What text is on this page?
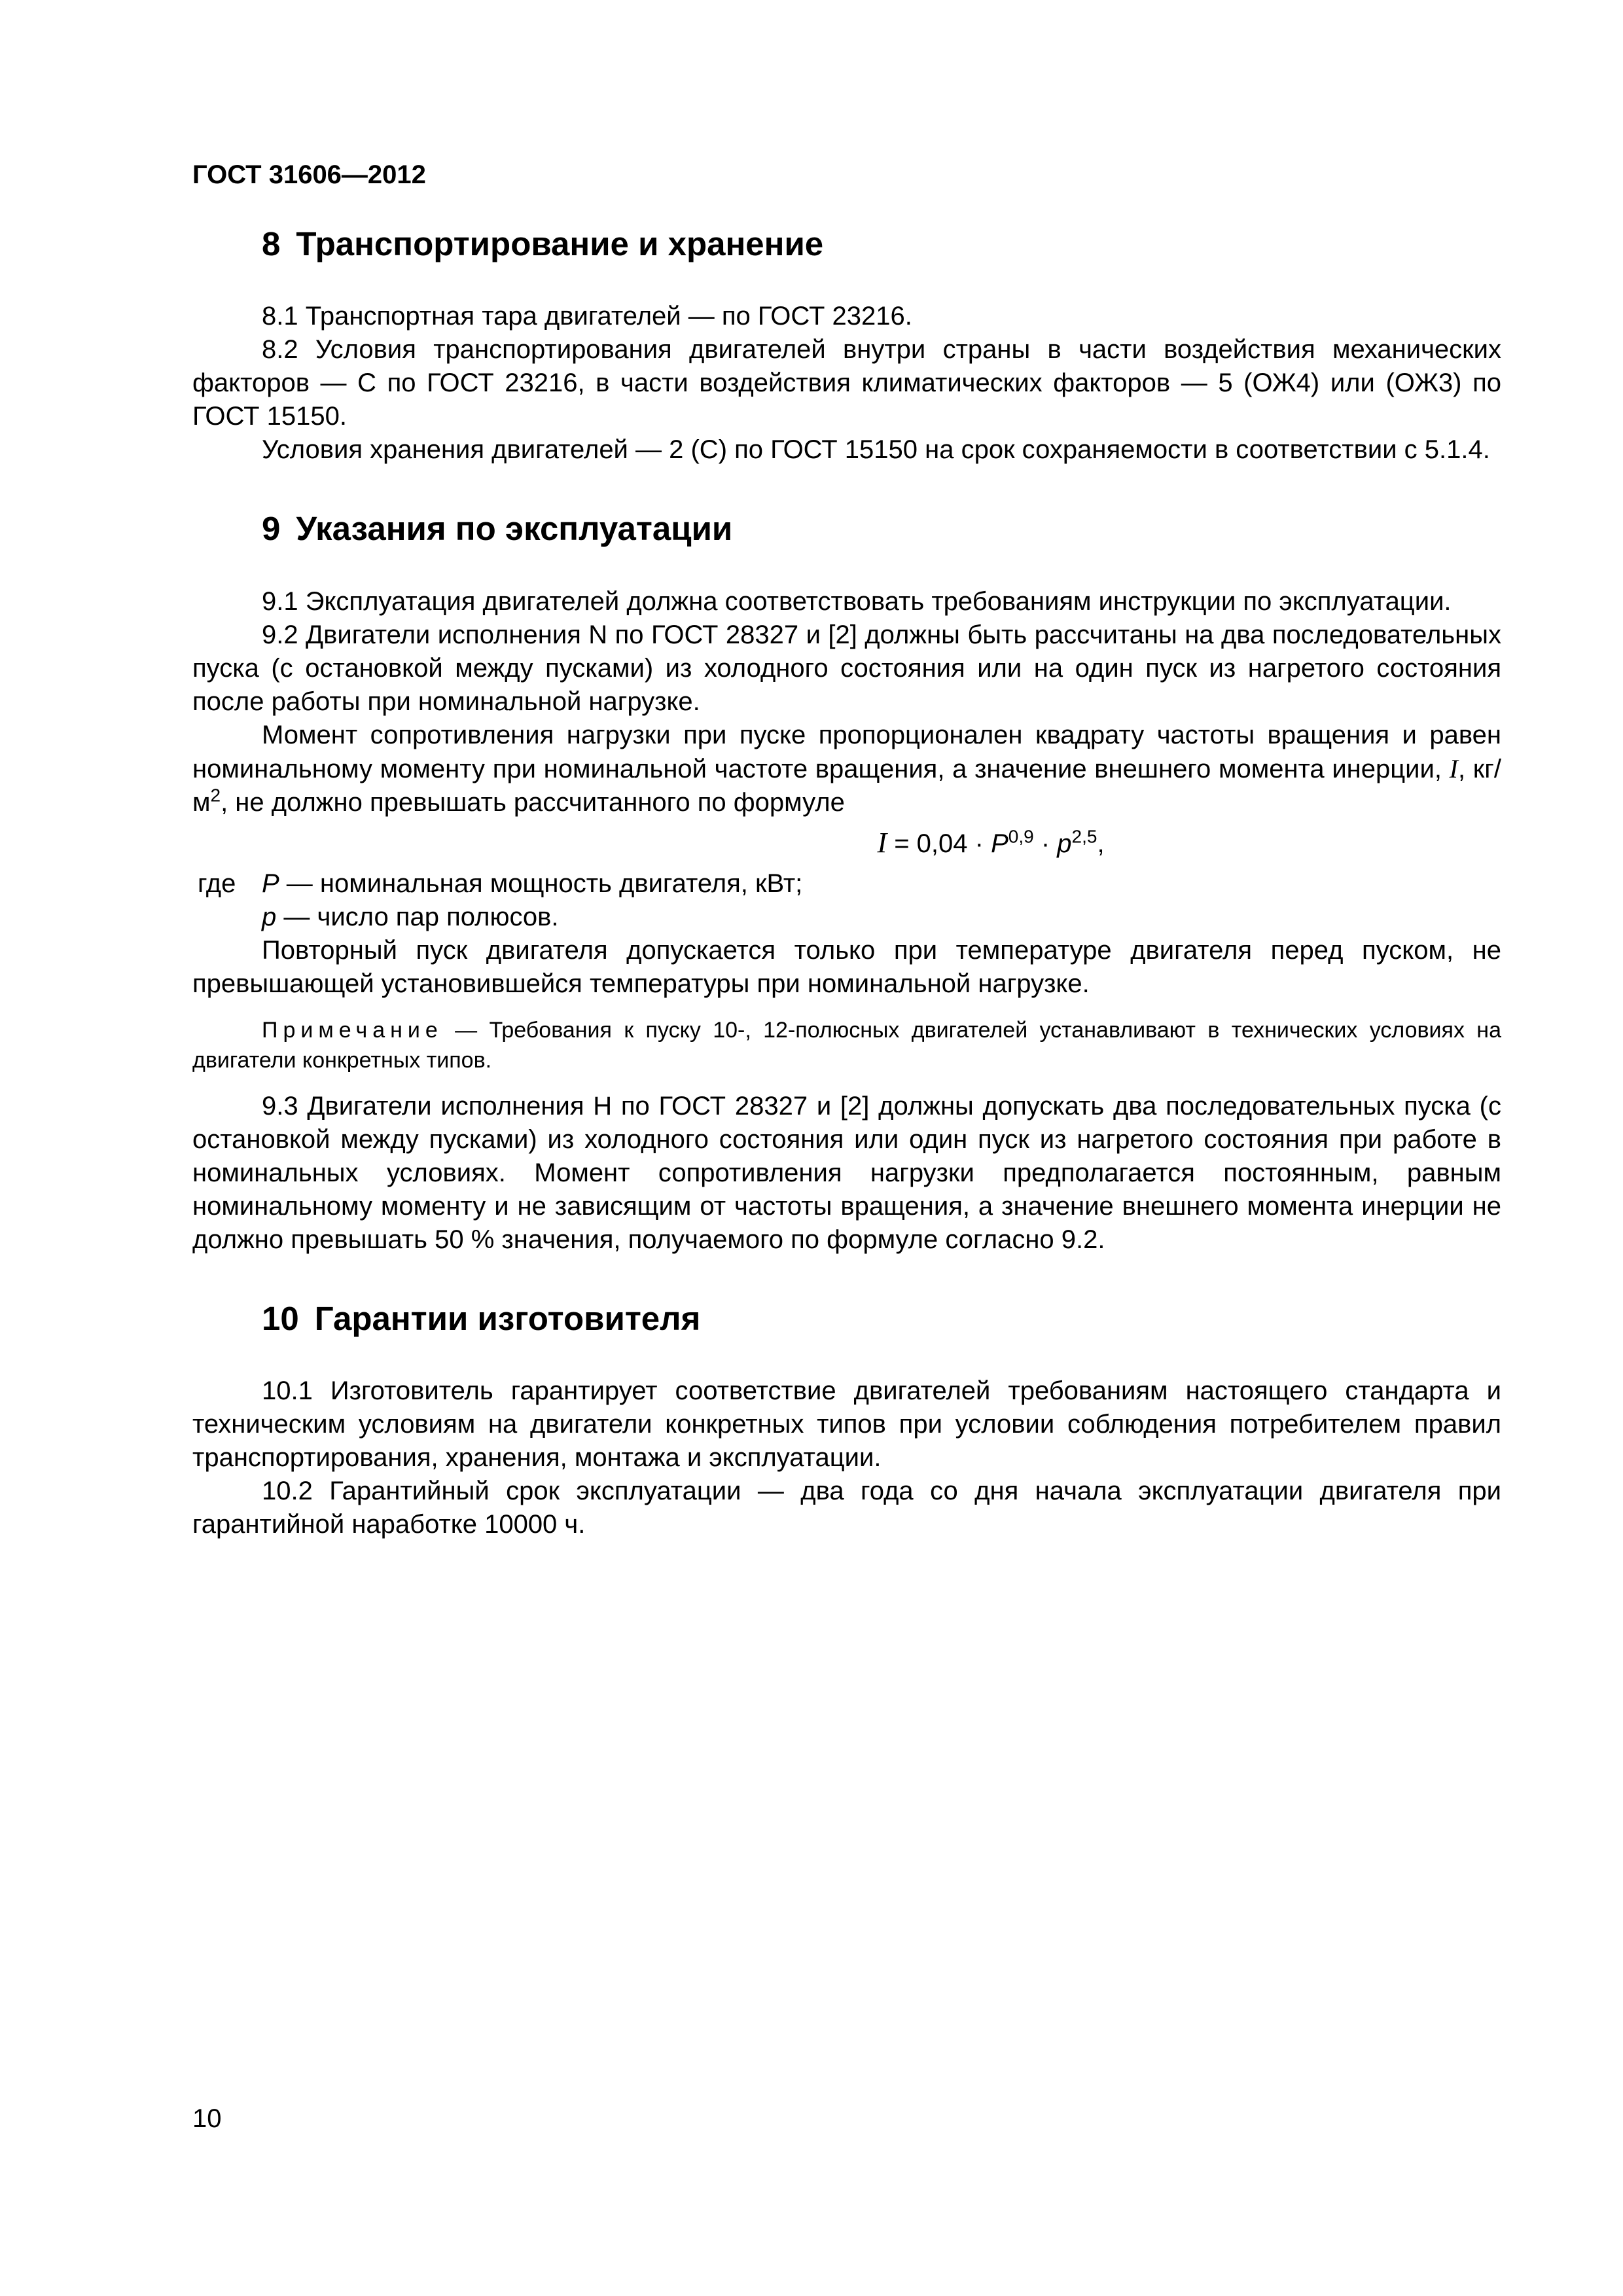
ГОСТ 31606—2012
8 Транспортирование и хранение

8.1 Транспортная тара двигателей — по ГОСТ 23216.

8.2 Условия транспортирования двигателей внутри страны в части воздействия механических факторов — С по ГОСТ 23216, в части воздействия климатических факторов — 5 (ОЖ4) или (ОЖ3) по ГОСТ 15150.

Условия хранения двигателей — 2 (С) по ГОСТ 15150 на срок сохраняемости в соответствии с 5.1.4.

9 Указания по эксплуатации

9.1 Эксплуатация двигателей должна соответствовать требованиям инструкции по эксплуатации.

9.2 Двигатели исполнения N по ГОСТ 28327 и [2] должны быть рассчитаны на два последовательных пуска (с остановкой между пусками) из холодного состояния или на один пуск из нагретого состояния после работы при номинальной нагрузке.

Момент сопротивления нагрузки при пуске пропорционален квадрату частоты вращения и равен номинальному моменту при номинальной частоте вращения, а значение внешнего момента инерции, I, $кг/м^2$, не должно превышать рассчитанного по формуле

$I = 0,04 \cdot P^{0,9} \cdot p^{2,5}$,
где P — номинальная мощность двигателя, кВт;
p — число пар полюсов.

Повторный пуск двигателя допускается только при температуре двигателя перед пуском, не превышающей установившейся температуры при номинальной нагрузке.

Примечание — Требования к пуску 10-, 12-полюсных двигателей устанавливают в технических условиях на двигатели конкретных типов.

9.3 Двигатели исполнения Н по ГОСТ 28327 и [2] должны допускать два последовательных пуска (с остановкой между пусками) из холодного состояния или один пуск из нагретого состояния при работе в номинальных условиях. Момент сопротивления нагрузки предполагается постоянным, равным номинальному моменту и не зависящим от частоты вращения, а значение внешнего момента инерции не должно превышать 50 % значения, получаемого по формуле согласно 9.2.

10 Гарантии изготовителя

10.1 Изготовитель гарантирует соответствие двигателей требованиям настоящего стандарта и техническим условиям на двигатели конкретных типов при условии соблюдения потребителем правил транспортирования, хранения, монтажа и эксплуатации.

10.2 Гарантийный срок эксплуатации — два года со дня начала эксплуатации двигателя при гарантийной наработке 10000 ч.

10
